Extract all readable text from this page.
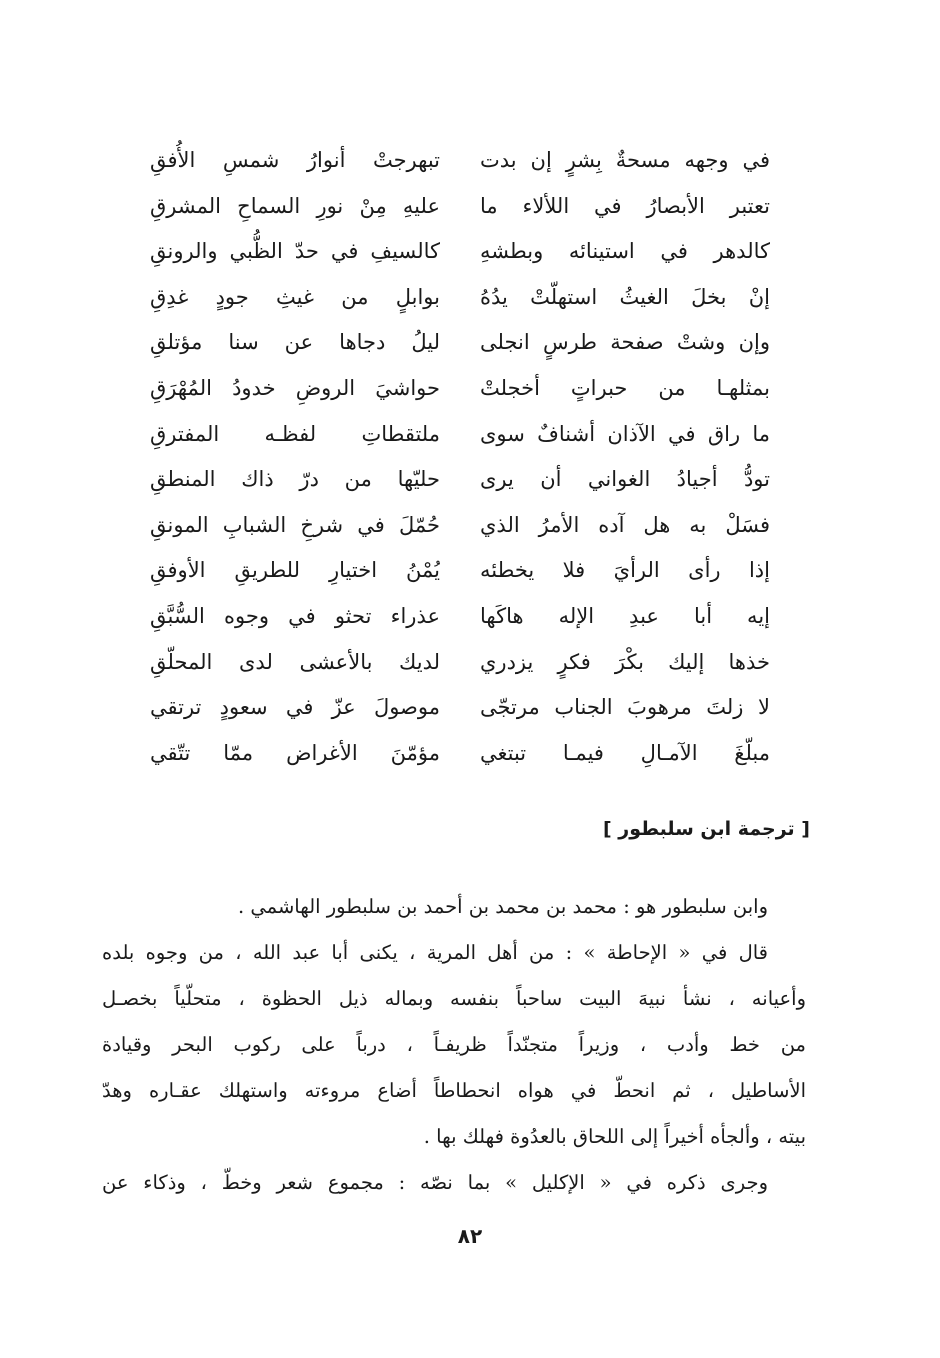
في وجهه مسحةٌ بِشرٍ إن بدت
تبهرجتْ أنوارُ شمسِ الأُفقِ
تعتبر الأبصارُ في اللألاء ما
عليهِ مِنْ نورِ السماحِ المشرقِ
كالدهر في استينائه وبطشهِ
كالسيفِ في حدّ الظُّبي والرونقِ
إنْ بخلَ الغيثُ استهلّتْ يدُهُ
بوابلٍ من غيثِ جودٍ غدِقِ
وإن وشتْ صفحة طرسٍ انجلى
ليلُ دجاها عن سنا مؤتلقِ
بمثلهـا من حبراتٍ أخجلتْ
حواشيَ الروضِ خدودُ المُهْرَقِ
ما راق في الآذان أشنافٌ سوى
ملتقطاتِ لفظـه المفترقِ
تودُّ أجيادُ الغواني أن يرى
حليّها من درّ ذاك المنطقِ
فسَلْ به هل آده الأمرُ الذي
حُمّلَ في شرخِ الشبابِ المونقِ
إذا رأى الرأيَ فلا يخطئه
يُمْنُ اختيارِ للطريقِ الأوفقِ
إيه أبا عبدِ الإله هاكَها
عذراء تحثو في وجوه السُّبَّقِ
خذها إليك بكْرَ فكرٍ يزدري
لديك بالأعشى لدى المحلّقِ
لا زلتَ مرهوبَ الجناب مرتجّى
موصولَ عزّ في سعودٍ ترتقي
مبلّغَ الآمـالِ فيمـا تبتغي
مؤمّنَ الأغراض ممّا تتّقي
[ ترجمة ابن سلبطور ]
وابن سلبطور هو : محمد بن محمد بن أحمد بن سلبطور الهاشمي .
قال في « الإحاطة » : من أهل المرية ، يكنى أبا عبد الله ، من وجوه بلده
وأعيانه ، نشأ نبيهَ البيت ساحباً بنفسه وبماله ذيل الحظوة ، متحلّياً بخصـل
من خط وأدب ، وزيراً متجنّداً ظريفـاً ، درباً على ركوب البحر وقيادة
الأساطيل ، ثم انحطّ في هواه انحطاطاً أضاع مروءته واستهلك عقـاره وهدّ
بيته ، وألجأه أخيراً إلى اللحاق بالعدُوة فهلك بها .
وجرى ذكره في « الإكليل » بما نصّه : مجموع شعر وخطّ ، وذكاء عن
٨٢
